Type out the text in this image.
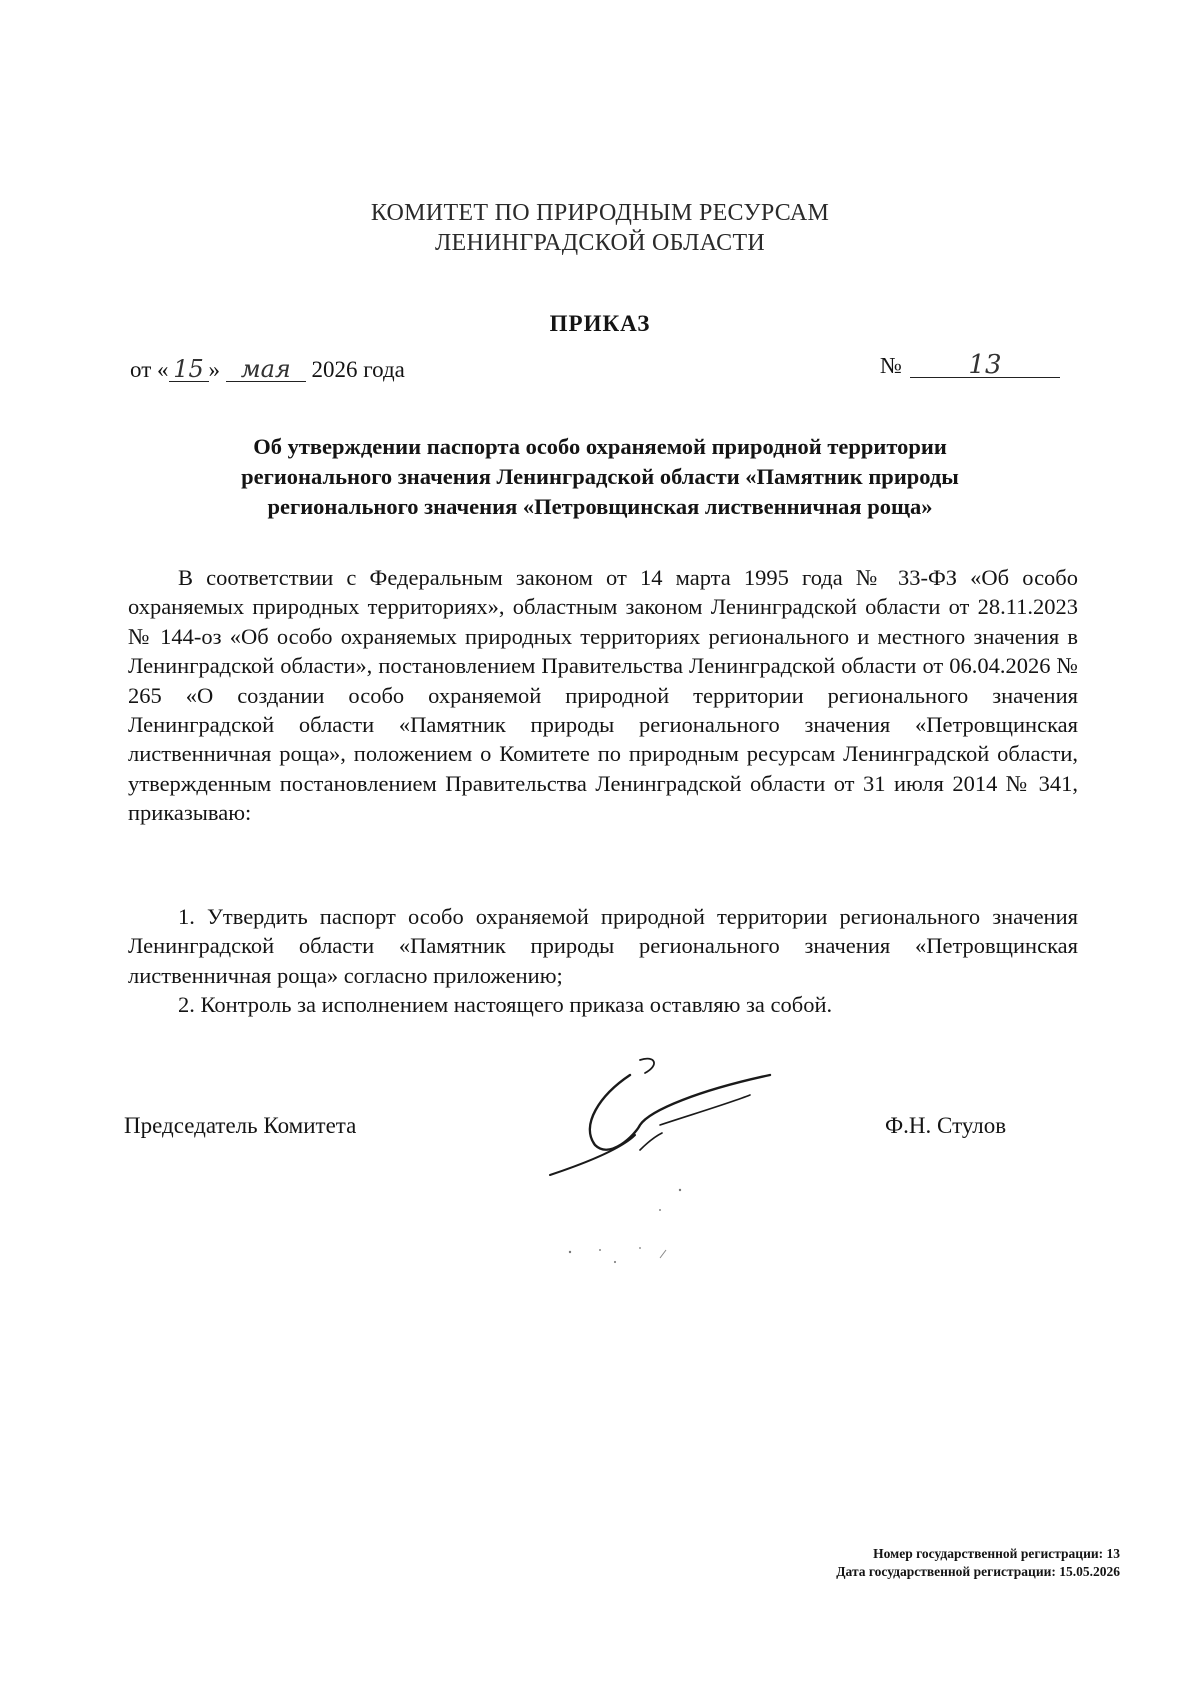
КОМИТЕТ ПО ПРИРОДНЫМ РЕСУРСАМ
ЛЕНИНГРАДСКОЙ ОБЛАСТИ
ПРИКАЗ
от « 15 » мая 2026 года	№	13
Об утверждении паспорта особо охраняемой природной территории
регионального значения Ленинградской области «Памятник природы
регионального значения «Петровщинская лиственничная роща»

В соответствии с Федеральным законом от 14 марта 1995 года № 33-ФЗ «Об особо охраняемых природных территориях», областным законом Ленинградской области от 28.11.2023 № 144-оз «Об особо охраняемых природных территориях регионального и местного значения в Ленинградской области», постановлением Правительства Ленинградской области от 06.04.2026 № 265 «О создании особо охраняемой природной территории регионального значения Ленинградской области «Памятник природы регионального значения «Петровщинская лиственничная роща», положением о Комитете по природным ресурсам Ленинградской области, утвержденным постановлением Правительства Ленинградской области от 31 июля 2014 № 341, приказываю:

1. Утвердить паспорт особо охраняемой природной территории регионального значения Ленинградской области «Памятник природы регионального значения «Петровщинская лиственничная роща» согласно приложению;

2. Контроль за исполнением настоящего приказа оставляю за собой.

Председатель Комитета	Ф.Н. Стулов
Номер государственной регистрации: 13
Дата государственной регистрации: 15.05.2026
